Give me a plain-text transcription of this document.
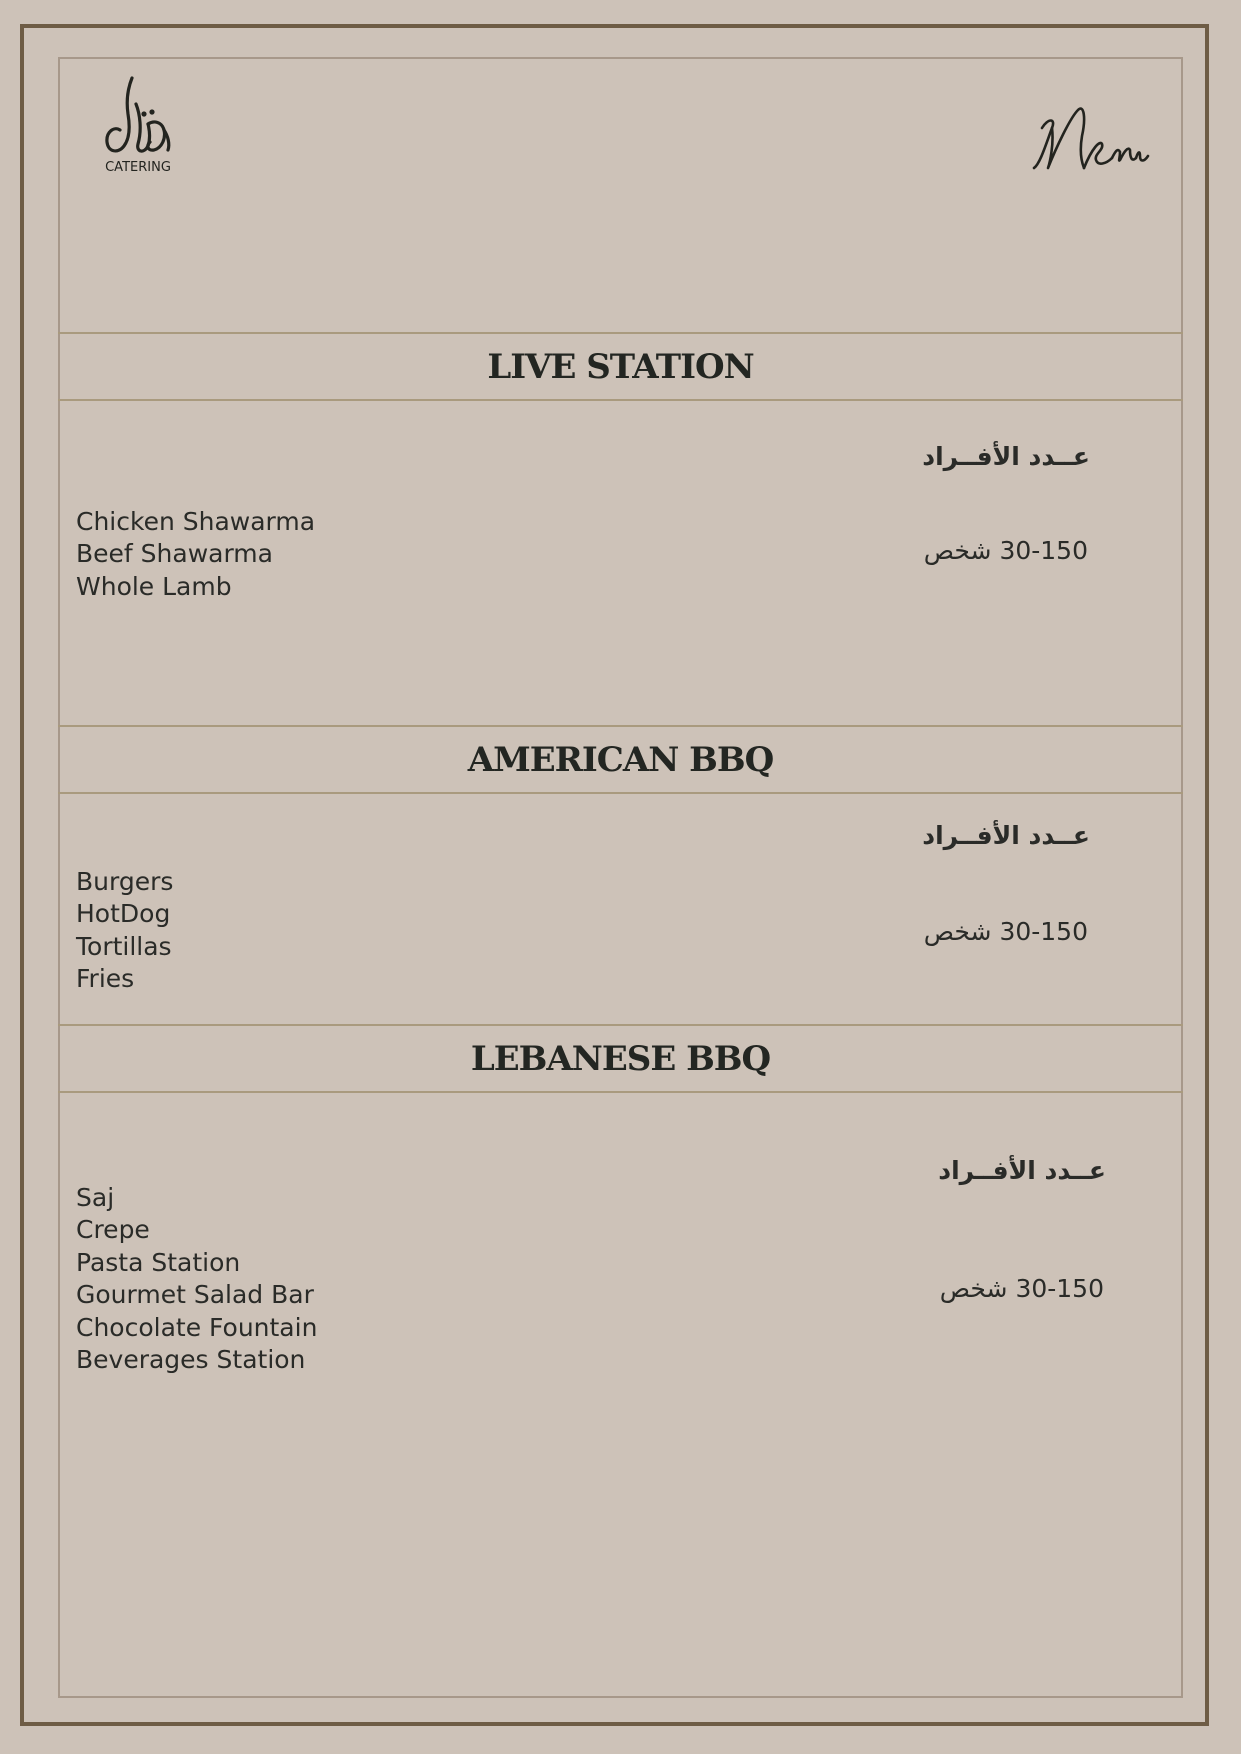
CATERING
LIVE STATION
Chicken Shawarma
Beef Shawarma
Whole Lamb
عــدد الأفــراد
30-150 شخص
AMERICAN BBQ
Burgers
HotDog
Tortillas
Fries
عــدد الأفــراد
30-150 شخص
LEBANESE BBQ
Saj
Crepe
Pasta Station
Gourmet Salad Bar
Chocolate Fountain
Beverages Station
عــدد الأفــراد
30-150 شخص
